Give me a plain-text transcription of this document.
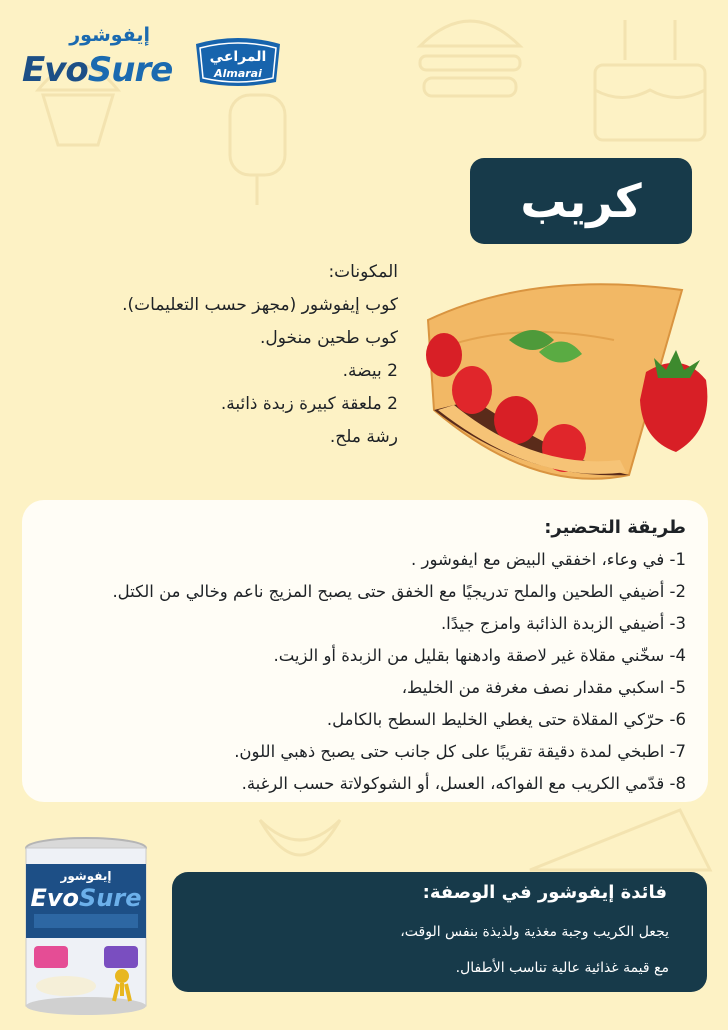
إيفوشور
EvoSure	المراعي
Almarai
كريب
المكونات:
كوب إيفوشور (مجهز حسب التعليمات).
كوب طحين منخول.
2 بيضة.
2 ملعقة كبيرة زبدة ذائبة.
رشة ملح.
طريقة التحضير:
1- في وعاء، اخفقي البيض مع ايفوشور .
2- أضيفي الطحين والملح تدريجيًا مع الخفق حتى يصبح المزيج ناعم وخالي من الكتل.
3- أضيفي الزبدة الذائبة وامزج جيدًا.
4- سخّني مقلاة غير لاصقة وادهنها بقليل من الزبدة أو الزيت.
5- اسكبي مقدار نصف مغرفة من الخليط،
6- حرّكي المقلاة حتى يغطي الخليط السطح بالكامل.
7- اطبخي لمدة دقيقة تقريبًا على كل جانب حتى يصبح ذهبي اللون.
8- قدّمي الكريب مع الفواكه، العسل، أو الشوكولاتة حسب الرغبة.
إيفوشور
EvoSure	فائدة إيفوشور في الوصفة:
يجعل الكريب وجبة مغذية ولذيذة بنفس الوقت،
مع قيمة غذائية عالية تناسب الأطفال.
